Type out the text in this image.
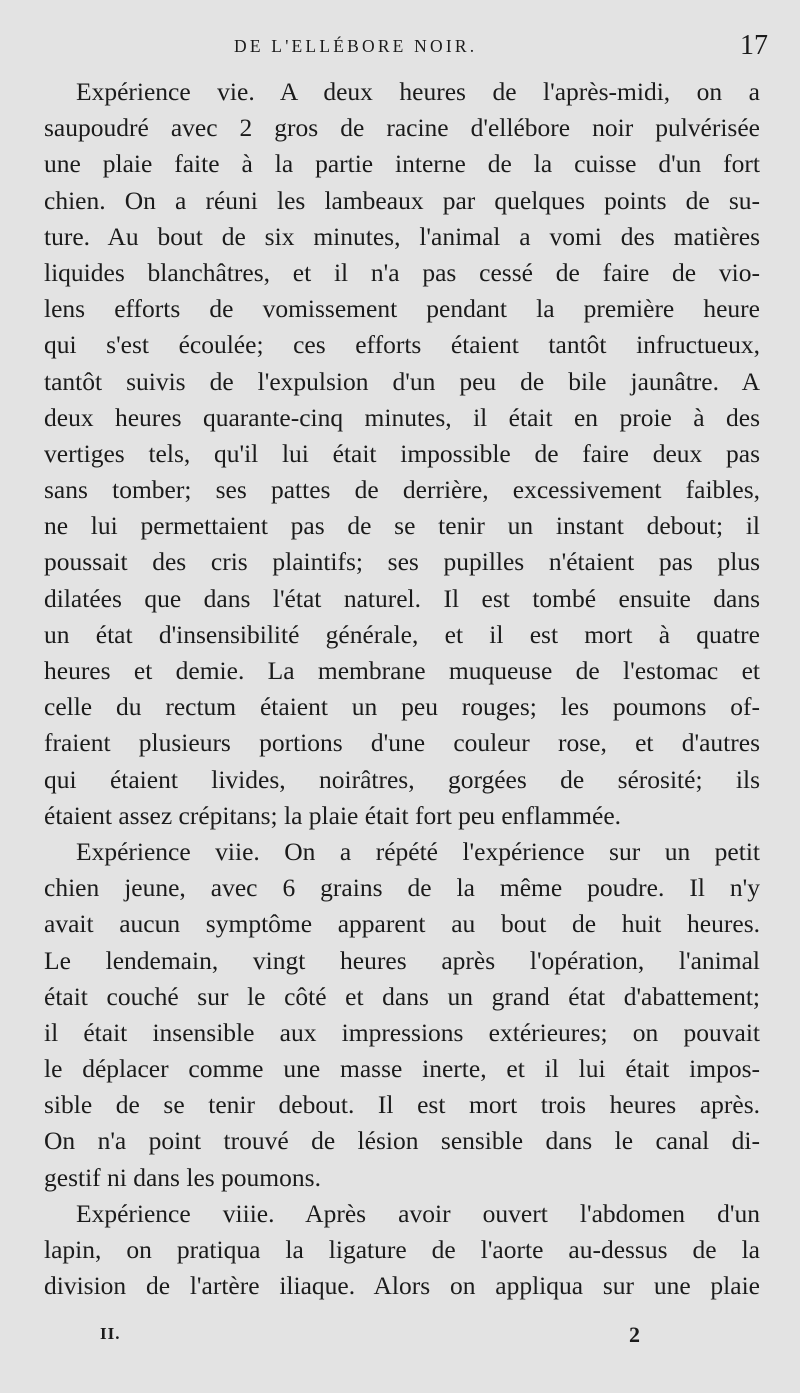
DE L'ELLÉBORE NOIR.	17
Expérience vie. A deux heures de l'après-midi, on a
saupoudré avec 2 gros de racine d'ellébore noir pulvérisée
une plaie faite à la partie interne de la cuisse d'un fort
chien. On a réuni les lambeaux par quelques points de su-
ture. Au bout de six minutes, l'animal a vomi des matières
liquides blanchâtres, et il n'a pas cessé de faire de vio-
lens efforts de vomissement pendant la première heure
qui s'est écoulée; ces efforts étaient tantôt infructueux,
tantôt suivis de l'expulsion d'un peu de bile jaunâtre. A
deux heures quarante-cinq minutes, il était en proie à des
vertiges tels, qu'il lui était impossible de faire deux pas
sans tomber; ses pattes de derrière, excessivement faibles,
ne lui permettaient pas de se tenir un instant debout; il
poussait des cris plaintifs; ses pupilles n'étaient pas plus
dilatées que dans l'état naturel. Il est tombé ensuite dans
un état d'insensibilité générale, et il est mort à quatre
heures et demie. La membrane muqueuse de l'estomac et
celle du rectum étaient un peu rouges; les poumons of-
fraient plusieurs portions d'une couleur rose, et d'autres
qui étaient livides, noirâtres, gorgées de sérosité; ils
étaient assez crépitans; la plaie était fort peu enflammée.
Expérience viie. On a répété l'expérience sur un petit
chien jeune, avec 6 grains de la même poudre. Il n'y
avait aucun symptôme apparent au bout de huit heures.
Le lendemain, vingt heures après l'opération, l'animal
était couché sur le côté et dans un grand état d'abattement;
il était insensible aux impressions extérieures; on pouvait
le déplacer comme une masse inerte, et il lui était impos-
sible de se tenir debout. Il est mort trois heures après.
On n'a point trouvé de lésion sensible dans le canal di-
gestif ni dans les poumons.
Expérience viiie. Après avoir ouvert l'abdomen d'un
lapin, on pratiqua la ligature de l'aorte au-dessus de la
division de l'artère iliaque. Alors on appliqua sur une plaie
II.	2
